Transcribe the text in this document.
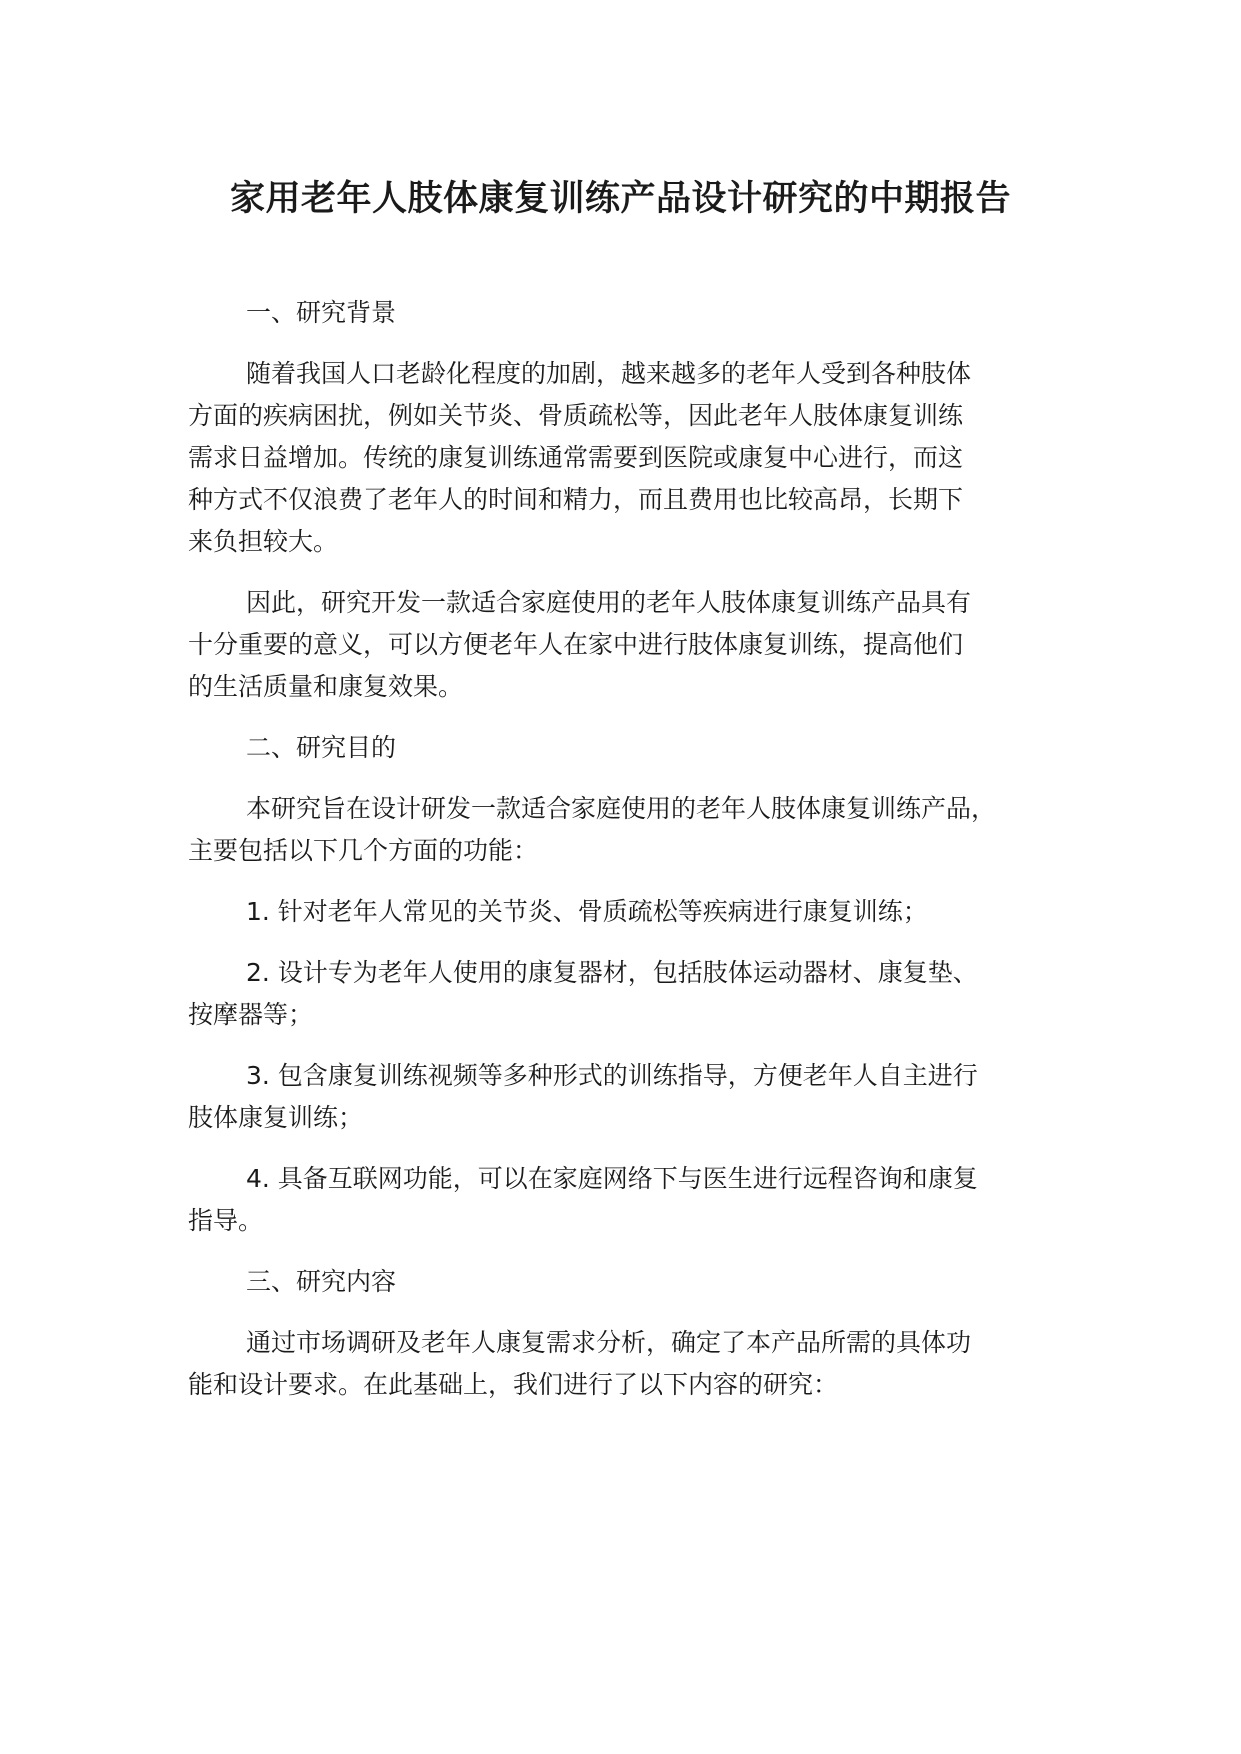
家用老年人肢体康复训练产品设计研究的中期报告
一、研究背景
随着我国人口老龄化程度的加剧，越来越多的老年人受到各种肢体
方面的疾病困扰，例如关节炎、骨质疏松等，因此老年人肢体康复训练
需求日益增加。传统的康复训练通常需要到医院或康复中心进行，而这
种方式不仅浪费了老年人的时间和精力，而且费用也比较高昂，长期下
来负担较大。
因此，研究开发一款适合家庭使用的老年人肢体康复训练产品具有
十分重要的意义，可以方便老年人在家中进行肢体康复训练，提高他们
的生活质量和康复效果。
二、研究目的
本研究旨在设计研发一款适合家庭使用的老年人肢体康复训练产品，
主要包括以下几个方面的功能：
1. 针对老年人常见的关节炎、骨质疏松等疾病进行康复训练；
2. 设计专为老年人使用的康复器材，包括肢体运动器材、康复垫、
按摩器等；
3. 包含康复训练视频等多种形式的训练指导，方便老年人自主进行
肢体康复训练；
4. 具备互联网功能，可以在家庭网络下与医生进行远程咨询和康复
指导。
三、研究内容
通过市场调研及老年人康复需求分析，确定了本产品所需的具体功
能和设计要求。在此基础上，我们进行了以下内容的研究：
